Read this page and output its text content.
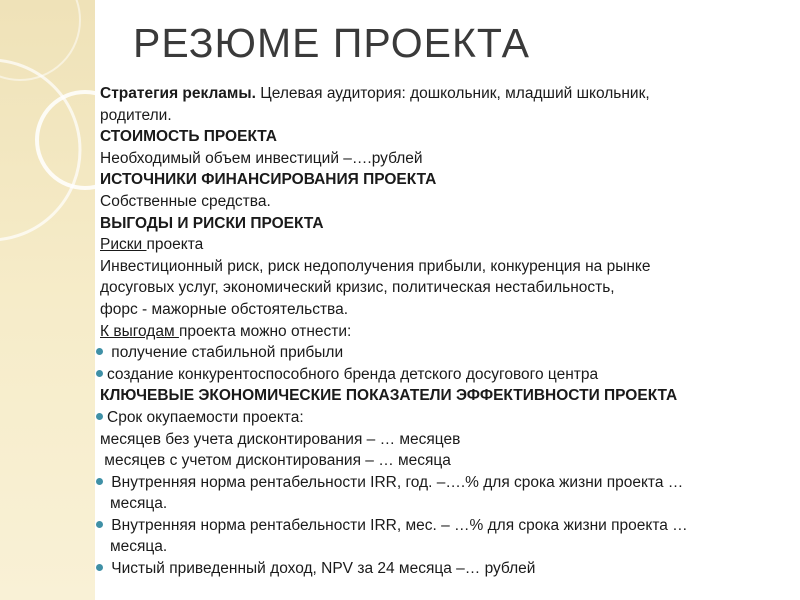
РЕЗЮМЕ ПРОЕКТА
Стратегия рекламы. Целевая аудитория: дошкольник, младший школьник,
родители.
СТОИМОСТЬ ПРОЕКТА
Необходимый объем инвестиций –….рублей
ИСТОЧНИКИ ФИНАНСИРОВАНИЯ ПРОЕКТА
Собственные средства.
ВЫГОДЫ И РИСКИ ПРОЕКТА
Риски проекта
Инвестиционный риск, риск недополучения прибыли, конкуренция на рынке
досуговых услуг, экономический кризис, политическая нестабильность,
форс - мажорные обстоятельства.
К выгодам проекта можно отнести:
получение стабильной прибыли
создание конкурентоспособного бренда детского досугового центра
КЛЮЧЕВЫЕ ЭКОНОМИЧЕСКИЕ ПОКАЗАТЕЛИ ЭФФЕКТИВНОСТИ ПРОЕКТА
Срок окупаемости проекта:
месяцев без учета дисконтирования – … месяцев
месяцев с учетом дисконтирования – … месяца
Внутренняя норма рентабельности IRR, год. –….% для срока жизни проекта …
месяца.
Внутренняя норма рентабельности IRR, мес. – …% для срока жизни проекта …
месяца.
Чистый приведенный доход, NPV за 24 месяца –… рублей
